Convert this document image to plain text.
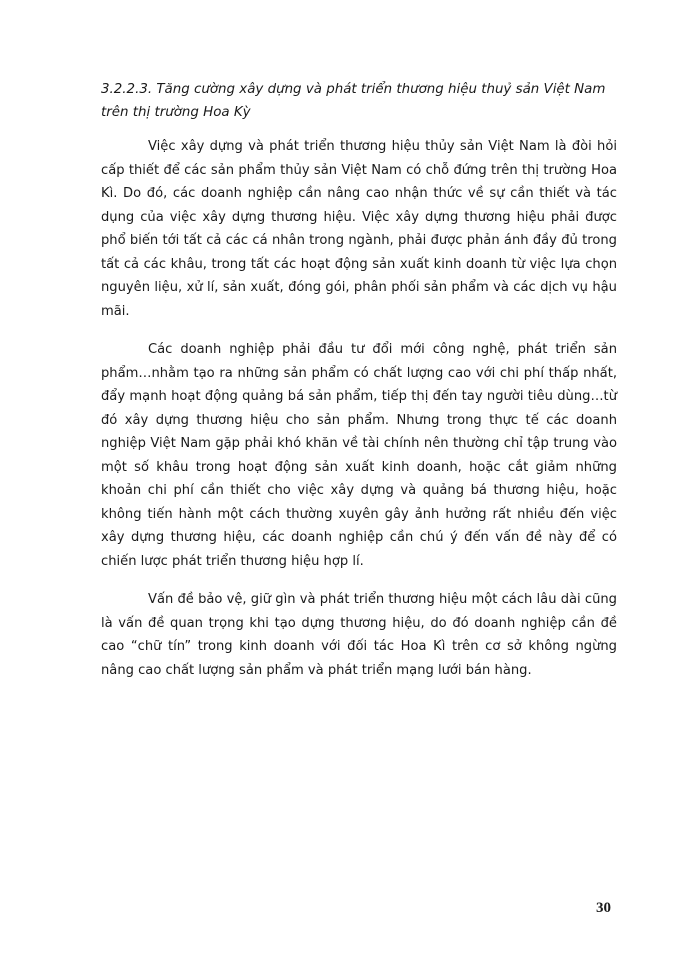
3.2.2.3. Tăng cường xây dựng và phát triển thương hiệu thuỷ sản Việt Nam trên thị trường Hoa Kỳ

Việc xây dựng và phát triển thương hiệu thủy sản Việt Nam là đòi hỏi cấp thiết để các sản phẩm thủy sản Việt Nam có chỗ đứng trên thị trường Hoa Kì. Do đó, các doanh nghiệp cần nâng cao nhận thức về sự cần thiết và tác dụng của việc xây dựng thương hiệu. Việc xây dựng thương hiệu phải được phổ biến tới tất cả các cá nhân trong ngành, phải được phản ánh đầy đủ trong tất cả các khâu, trong tất các hoạt động sản xuất kinh doanh từ việc lựa chọn nguyên liệu, xử lí, sản xuất, đóng gói, phân phối sản phẩm và các dịch vụ hậu mãi.

Các doanh nghiệp phải đầu tư đổi mới công nghệ, phát triển sản phẩm…nhằm tạo ra những sản phẩm có chất lượng cao với chi phí thấp nhất, đẩy mạnh hoạt động quảng bá sản phẩm, tiếp thị đến tay người tiêu dùng…từ đó xây dựng thương hiệu cho sản phẩm. Nhưng trong thực tế các doanh nghiệp Việt Nam gặp phải khó khăn về tài chính nên thường chỉ tập trung vào một số khâu trong hoạt động sản xuất kinh doanh, hoặc cắt giảm những khoản chi phí cần thiết cho việc xây dựng và quảng bá thương hiệu, hoặc không tiến hành một cách thường xuyên gây ảnh hưởng rất nhiều đến việc xây dựng thương hiệu, các doanh nghiệp cần chú ý đến vấn đề này để có chiến lược phát triển thương hiệu hợp lí.

Vấn đề bảo vệ, giữ gìn và phát triển thương hiệu một cách lâu dài cũng là vấn đề quan trọng khi tạo dựng thương hiệu, do đó doanh nghiệp cần đề cao “chữ tín” trong kinh doanh với đối tác Hoa Kì trên cơ sở không ngừng nâng cao chất lượng sản phẩm và phát triển mạng lưới bán hàng.

30
